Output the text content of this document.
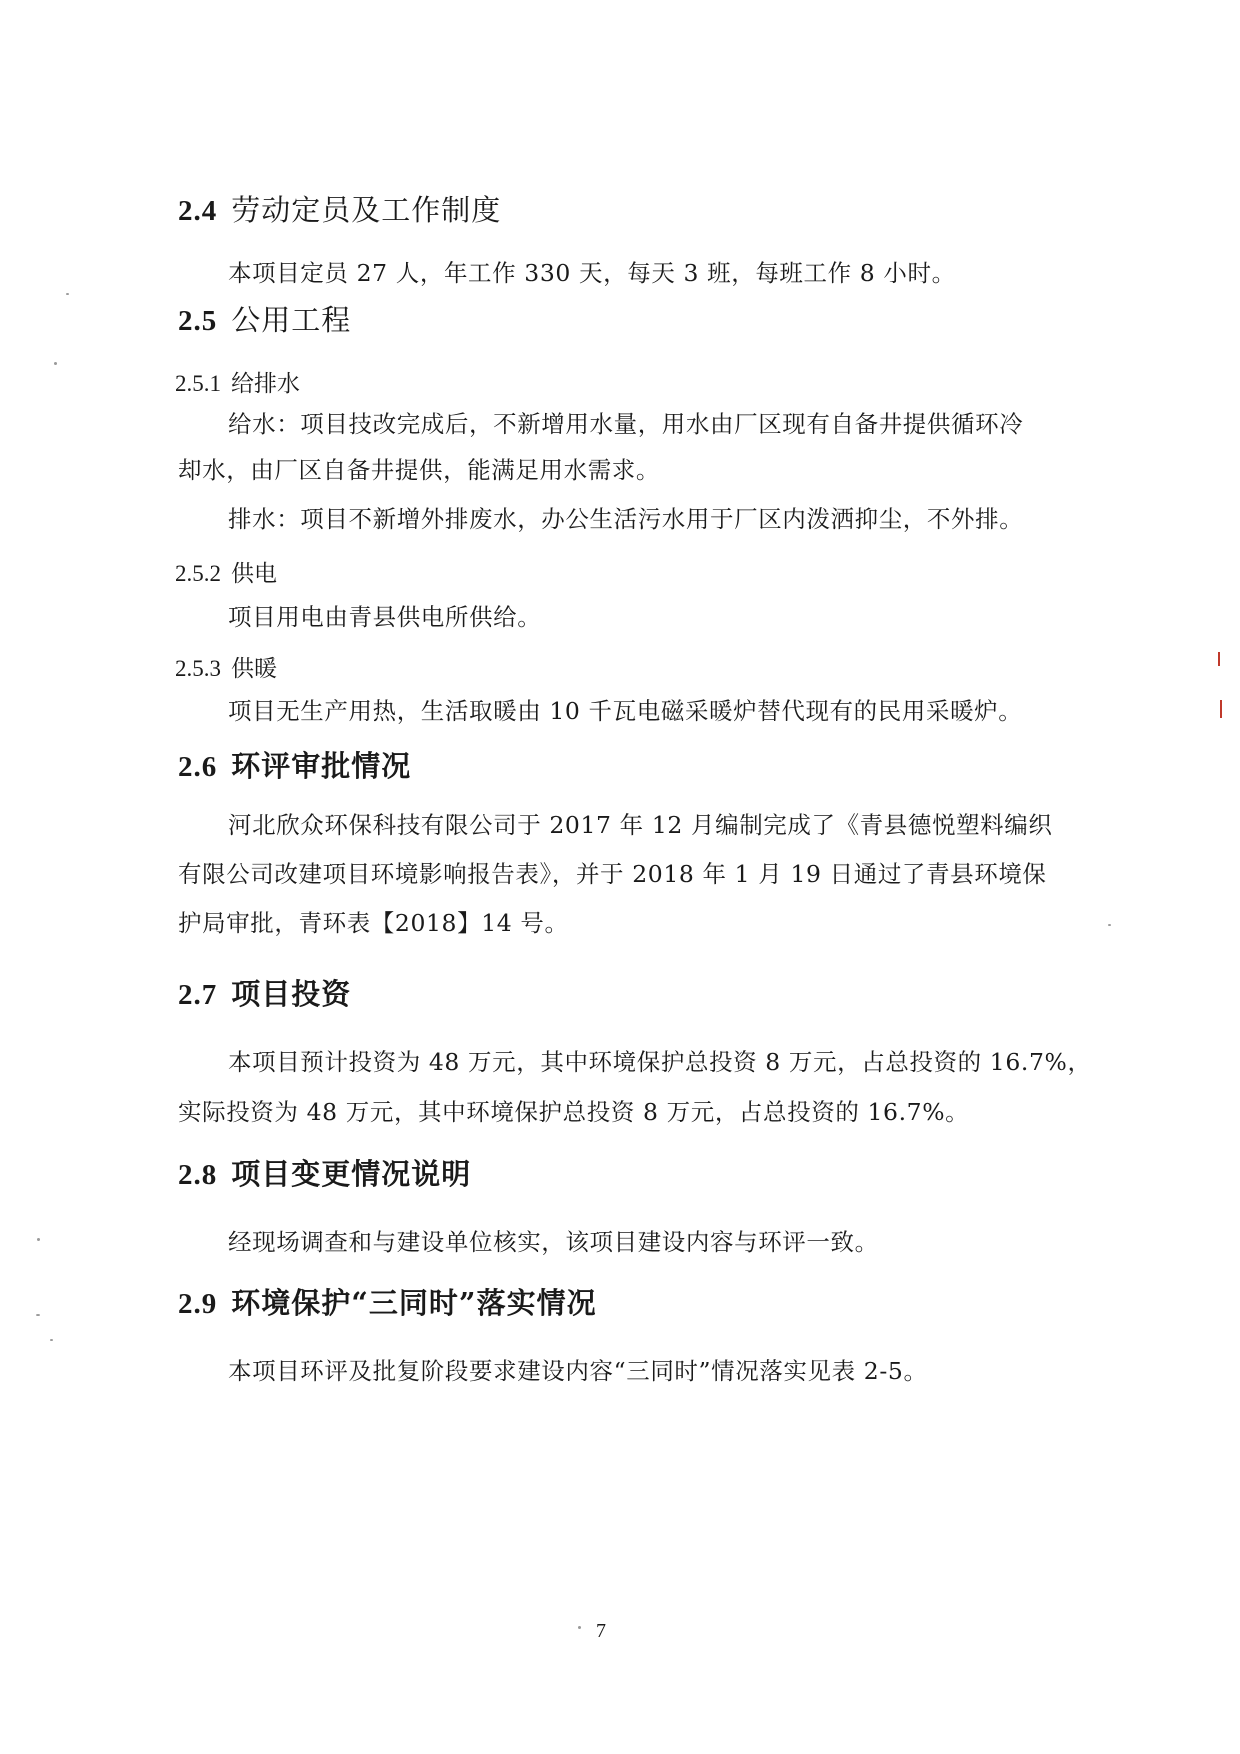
2.4 劳动定员及工作制度
本项目定员 27 人，年工作 330 天，每天 3 班，每班工作 8 小时。
2.5 公用工程
2.5.1 给排水
给水：项目技改完成后，不新增用水量，用水由厂区现有自备井提供循环冷
却水，由厂区自备井提供，能满足用水需求。
排水：项目不新增外排废水，办公生活污水用于厂区内泼洒抑尘，不外排。
2.5.2 供电
项目用电由青县供电所供给。
2.5.3 供暖
项目无生产用热，生活取暖由 10 千瓦电磁采暖炉替代现有的民用采暖炉。
2.6 环评审批情况
河北欣众环保科技有限公司于 2017 年 12 月编制完成了《青县德悦塑料编织
有限公司改建项目环境影响报告表》，并于 2018 年 1 月 19 日通过了青县环境保
护局审批，青环表【2018】14 号。
2.7 项目投资
本项目预计投资为 48 万元，其中环境保护总投资 8 万元，占总投资的 16.7%，
实际投资为 48 万元，其中环境保护总投资 8 万元，占总投资的 16.7%。
2.8 项目变更情况说明
经现场调查和与建设单位核实，该项目建设内容与环评一致。
2.9 环境保护“三同时”落实情况
本项目环评及批复阶段要求建设内容“三同时”情况落实见表 2-5。
7
